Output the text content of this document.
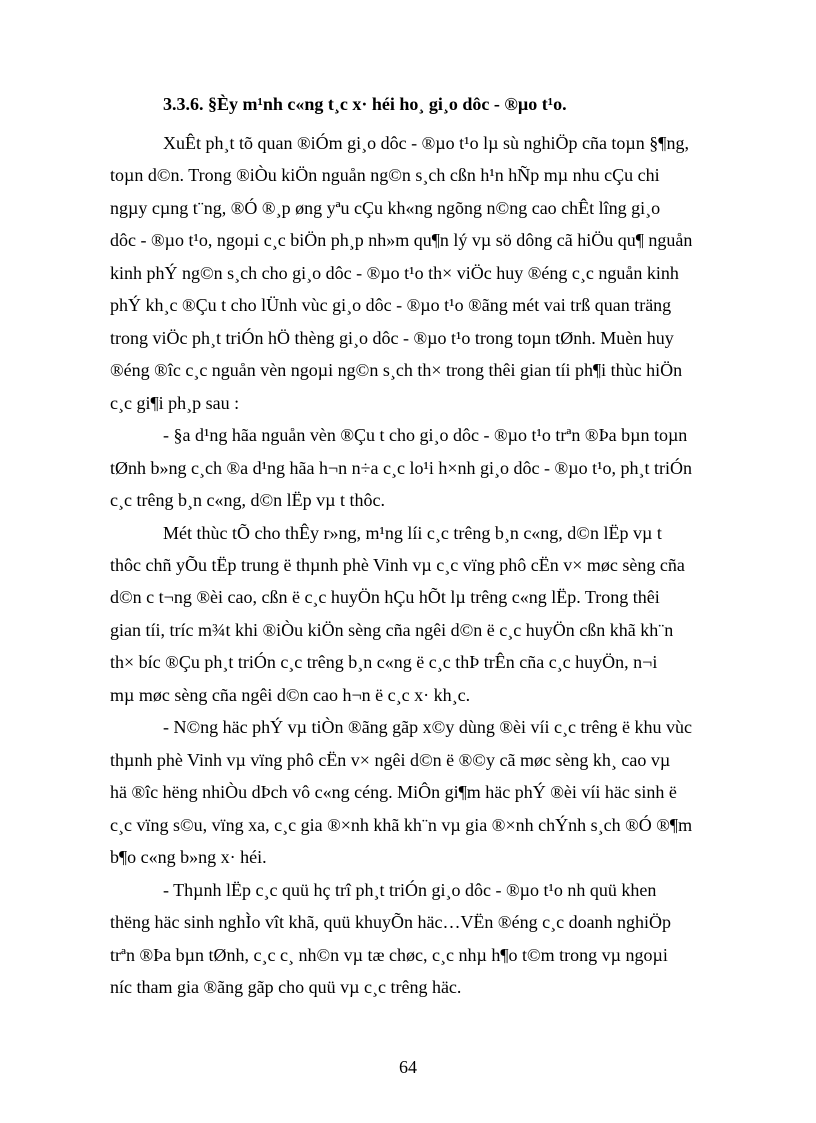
3.3.6. §Èy m¹nh c«ng t¸c x· héi ho¸ gi¸o dôc - ®µo t¹o.
XuÊt ph¸t tõ quan ®iÓm gi¸o dôc - ®µo t¹o lµ sù nghiÖp cña toµn §¶ng,
toµn d©n. Trong ®iÒu kiÖn nguån ng©n s¸ch cßn h¹n hÑp mµ nhu cÇu chi
ngµy cµng t¨ng, ®Ó ®¸p øng yªu cÇu kh«ng ngõng n©ng cao chÊt lîng gi¸o
dôc - ®µo t¹o, ngoµi c¸c biÖn ph¸p nh»m qu¶n lý vµ sö dông cã hiÖu qu¶ nguån
kinh phÝ ng©n s¸ch cho gi¸o dôc - ®µo t¹o th× viÖc huy ®éng c¸c nguån kinh
phÝ kh¸c ®Çu t cho lÜnh vùc gi¸o dôc - ®µo t¹o ®ãng mét vai trß quan träng
trong viÖc ph¸t triÓn hÖ thèng gi¸o dôc - ®µo t¹o trong toµn tØnh. Muèn huy
®éng ®îc c¸c nguån vèn ngoµi ng©n s¸ch th× trong thêi gian tíi ph¶i thùc hiÖn
c¸c gi¶i ph¸p sau :
- §a d¹ng hãa nguån vèn ®Çu t cho gi¸o dôc - ®µo t¹o trªn ®Þa bµn toµn
tØnh b»ng c¸ch ®a d¹ng hãa h¬n n÷a c¸c lo¹i h×nh gi¸o dôc - ®µo t¹o, ph¸t triÓn
c¸c trêng b¸n c«ng, d©n lËp vµ t thôc.
Mét thùc tÕ cho thÊy r»ng, m¹ng líi c¸c trêng b¸n c«ng, d©n lËp vµ t
thôc chñ yÕu tËp trung ë thµnh phè Vinh vµ c¸c vïng phô cËn v× møc sèng cña
d©n c t¬ng ®èi cao, cßn ë c¸c huyÖn hÇu hÕt lµ trêng c«ng lËp. Trong thêi
gian tíi, tríc m¾t khi ®iÒu kiÖn sèng cña ngêi d©n ë c¸c huyÖn cßn khã kh¨n
th× bíc ®Çu ph¸t triÓn c¸c trêng b¸n c«ng ë c¸c thÞ trÊn cña c¸c huyÖn, n¬i
mµ møc sèng cña ngêi d©n cao h¬n ë c¸c x· kh¸c.
- N©ng häc phÝ vµ tiÒn ®ãng gãp x©y dùng ®èi víi c¸c trêng ë khu vùc
thµnh phè Vinh vµ vïng phô cËn v× ngêi d©n ë ®©y cã møc sèng kh¸ cao vµ
hä ®îc hëng nhiÒu dÞch vô c«ng céng. MiÔn gi¶m häc phÝ ®èi víi häc sinh ë
c¸c vïng s©u, vïng xa, c¸c gia ®×nh khã kh¨n vµ gia ®×nh chÝnh s¸ch ®Ó ®¶m
b¶o c«ng b»ng x· héi.
- Thµnh lËp c¸c quü hç trî ph¸t triÓn gi¸o dôc - ®µo t¹o nh quü khen
thëng häc sinh nghÌo vît khã, quü khuyÕn häc…VËn ®éng c¸c doanh nghiÖp
trªn ®Þa bµn tØnh, c¸c c¸ nh©n vµ tæ chøc, c¸c nhµ h¶o t©m trong vµ ngoµi
níc tham gia ®ãng gãp cho quü vµ c¸c trêng häc.
64
